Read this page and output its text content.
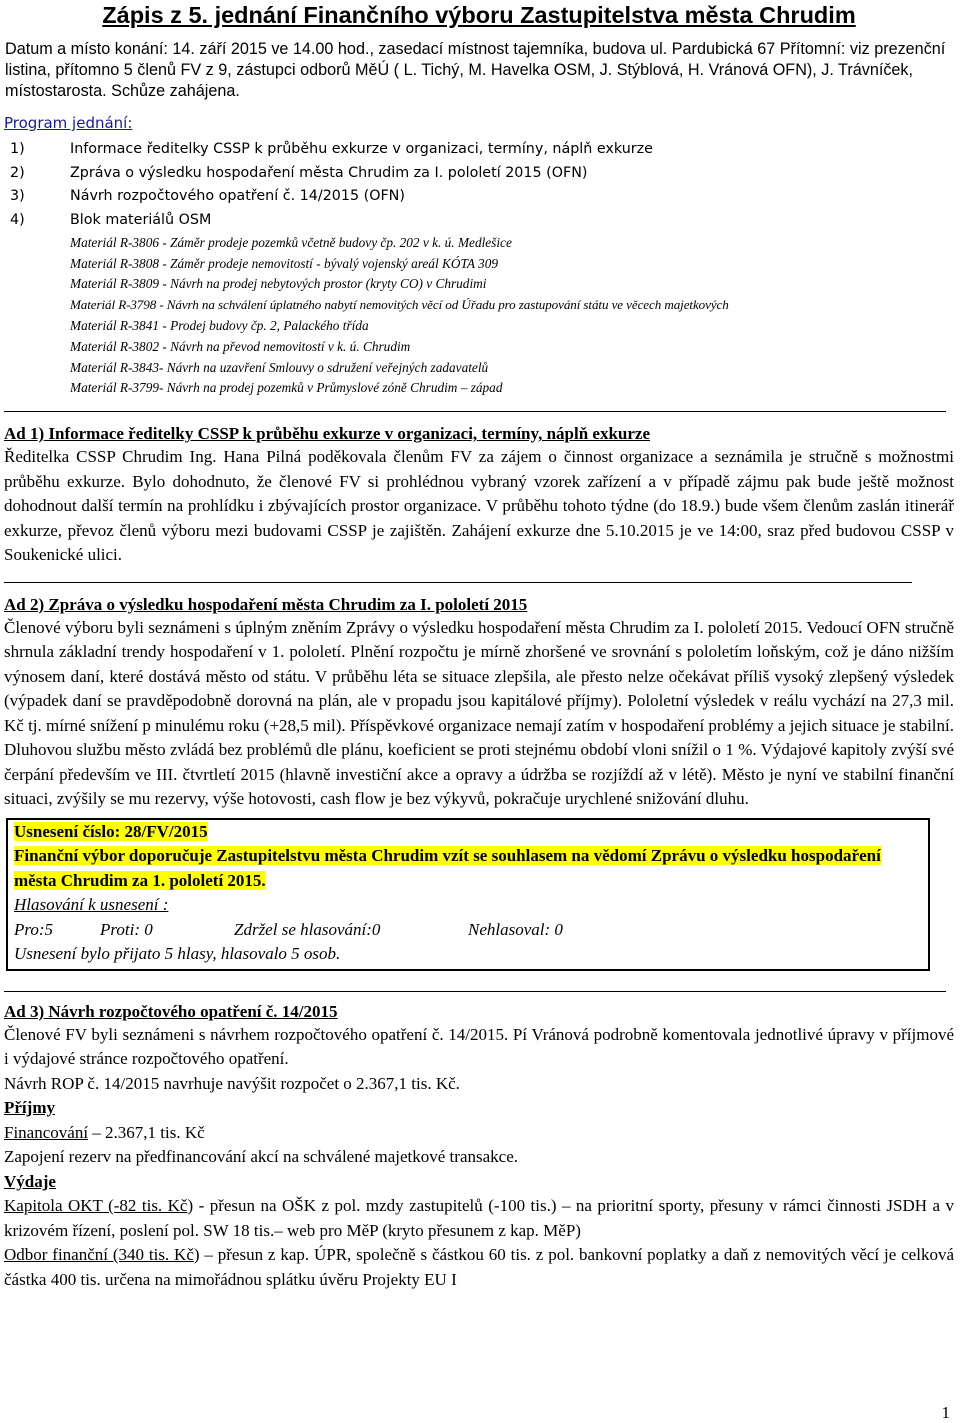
Zápis z 5. jednání Finančního výboru Zastupitelstva města Chrudim

Datum a místo konání: 14. září 2015 ve 14.00 hod., zasedací místnost tajemníka, budova ul. Pardubická 67 Přítomní: viz prezenční listina, přítomno 5 členů FV z 9, zástupci odborů MěÚ ( L. Tichý, M. Havelka OSM, J. Stýblová, H. Vránová OFN), J. Trávníček, místostarosta. Schůze zahájena.

Program jednání:
1)	Informace ředitelky CSSP k průběhu exkurze v organizaci, termíny, náplň exkurze
2)	Zpráva o výsledku hospodaření města Chrudim za I. pololetí 2015 (OFN)
3)	Návrh rozpočtového opatření č. 14/2015 (OFN)
4)	Blok materiálů OSM
Materiál R-3806 - Záměr prodeje pozemků včetně budovy čp. 202 v k. ú. Medlešice
Materiál R-3808 - Záměr prodeje nemovitostí - bývalý vojenský areál KÓTA 309
Materiál R-3809 - Návrh na prodej nebytových prostor (kryty CO) v Chrudimi
Materiál R-3798 - Návrh na schválení úplatného nabytí nemovitých věcí od Úřadu pro zastupování státu ve věcech majetkových
Materiál R-3841 - Prodej budovy čp. 2, Palackého třída
Materiál R-3802 - Návrh na převod nemovitostí v k. ú. Chrudim
Materiál R-3843- Návrh na uzavření Smlouvy o sdružení veřejných zadavatelů
Materiál R-3799- Návrh na prodej pozemků v Průmyslové zóně Chrudim – západ
Ad 1) Informace ředitelky CSSP k průběhu exkurze v organizaci, termíny, náplň exkurze

Ředitelka CSSP Chrudim Ing. Hana Pilná poděkovala členům FV za zájem o činnost organizace a seznámila je stručně s možnostmi průběhu exkurze. Bylo dohodnuto, že členové FV si prohlédnou vybraný vzorek zařízení a v případě zájmu pak bude ještě možnost dohodnout další termín na prohlídku i zbývajících prostor organizace. V průběhu tohoto týdne (do 18.9.) bude všem členům zaslán itinerář exkurze, převoz členů výboru mezi budovami CSSP je zajištěn. Zahájení exkurze dne 5.10.2015 je ve 14:00, sraz před budovou CSSP v Soukenické ulici.

Ad 2) Zpráva o výsledku hospodaření města Chrudim za I. pololetí 2015

Členové výboru byli seznámeni s úplným zněním Zprávy o výsledku hospodaření města Chrudim za I. pololetí 2015. Vedoucí OFN stručně shrnula základní trendy hospodaření v 1. pololetí. Plnění rozpočtu je mírně zhoršené ve srovnání s pololetím loňským, což je dáno nižším výnosem daní, které dostává město od státu. V průběhu léta se situace zlepšila, ale přesto nelze očekávat příliš vysoký zlepšený výsledek (výpadek daní se pravděpodobně dorovná na plán, ale v propadu jsou kapitálové příjmy). Pololetní výsledek v reálu vychází na 27,3 mil. Kč tj. mírné snížení p minulému roku (+28,5 mil). Příspěvkové organizace nemají zatím v hospodaření problémy a jejich situace je stabilní. Dluhovou službu město zvládá bez problémů dle plánu, koeficient se proti stejnému období vloni snížil o 1 %. Výdajové kapitoly zvýší své čerpání především ve III. čtvrtletí 2015 (hlavně investiční akce a opravy a údržba se rozjíždí až v létě). Město je nyní ve stabilní finanční situaci, zvýšily se mu rezervy, výše hotovosti, cash flow je bez výkyvů, pokračuje urychlené snižování dluhu.

Usnesení číslo: 28/FV/2015

Finanční výbor doporučuje Zastupitelstvu města Chrudim vzít se souhlasem na vědomí Zprávu o výsledku hospodaření města Chrudim za 1. pololetí 2015.

Hlasování k usnesení :

Pro:5	Proti: 0	Zdržel se hlasování:0	Nehlasoval: 0

Usnesení bylo přijato 5 hlasy, hlasovalo 5 osob.

Ad 3) Návrh rozpočtového opatření č. 14/2015

Členové FV byli seznámeni s návrhem rozpočtového opatření č. 14/2015. Pí Vránová podrobně komentovala jednotlivé úpravy v příjmové i výdajové stránce rozpočtového opatření.

Návrh ROP č. 14/2015 navrhuje navýšit rozpočet o 2.367,1 tis. Kč.

Příjmy

Financování – 2.367,1 tis. Kč

Zapojení rezerv na předfinancování akcí na schválené majetkové transakce.

Výdaje

Kapitola OKT (-82 tis. Kč) - přesun na OŠK z pol. mzdy zastupitelů (-100 tis.) – na prioritní sporty, přesuny v rámci činnosti JSDH a v krizovém řízení, poslení pol. SW 18 tis.– web pro MěP (kryto přesunem z kap. MěP)

Odbor finanční (340 tis. Kč) – přesun z kap. ÚPR, společně s částkou 60 tis. z pol. bankovní poplatky a daň z nemovitých věcí je celková částka 400 tis. určena na mimořádnou splátku úvěru Projekty EU I

1
